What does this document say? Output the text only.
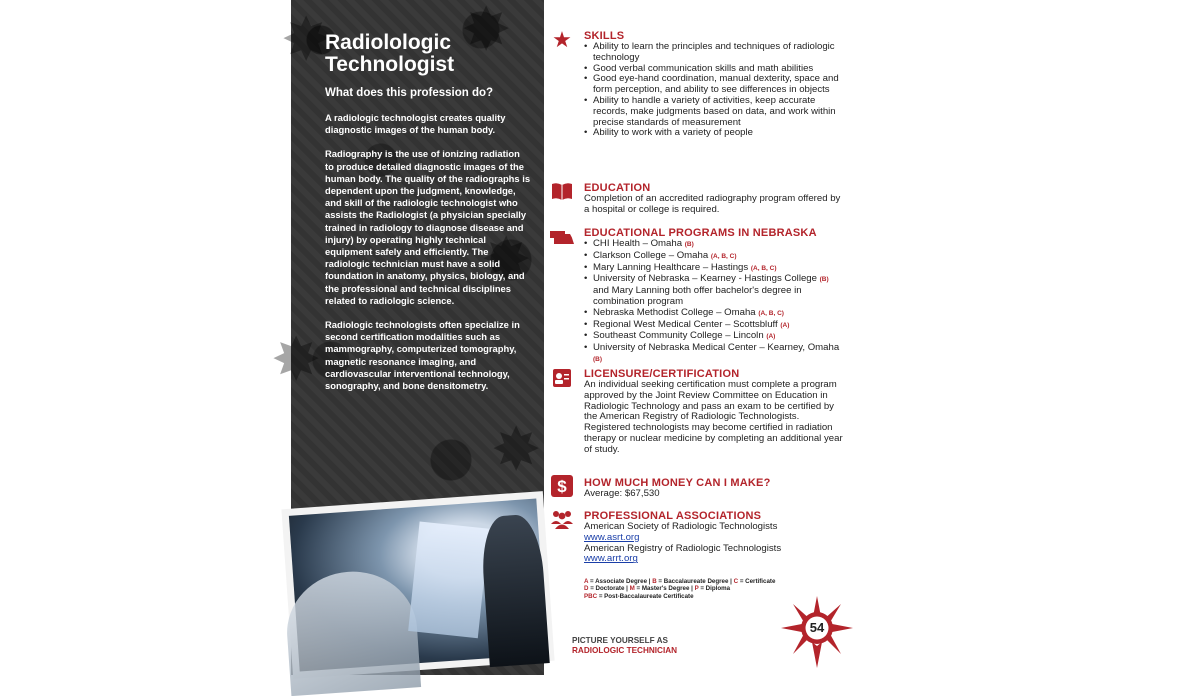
✸ ✸
✸
✸
✸
Radiolologic
Technologist
What does this profession do?

A radiologic technologist creates quality diagnostic images of the human body.

Radiography is the use of ionizing radiation to produce detailed diagnostic images of the human body. The quality of the radiographs is dependent upon the judgment, knowledge, and skill of the radiologic technologist who assists the Radiologist (a physician specially trained in radiology to diagnose disease and injury) by operating highly technical equipment safely and efficiently. The radiologic technician must have a solid foundation in anatomy, physics, biology, and the professional and technical disciplines related to radiologic science.

Radiologic technologists often specialize in second certification modalities such as mammography, computerized tomography, magnetic resonance imaging, and cardiovascular interventional technology, sonography, and bone densitometry.

★ SKILLS
• Ability to learn the principles and techniques of radiologic technology
• Good verbal communication skills and math abilities
• Good eye-hand coordination, manual dexterity, space and form perception, and ability to see differences in objects
• Ability to handle a variety of activities, keep accurate records, make judgments based on data, and work within precise standards of measurement
• Ability to work with a variety of people
EDUCATION
Completion of an accredited radiography program offered by a hospital or college is required.
EDUCATIONAL PROGRAMS IN NEBRASKA
• CHI Health – Omaha (B)
• Clarkson College – Omaha (A, B, C)
• Mary Lanning Healthcare – Hastings (A, B, C)
• University of Nebraska – Kearney - Hastings College (B) and Mary Lanning both offer bachelor's degree in combination program
• Nebraska Methodist College – Omaha (A, B, C)
• Regional West Medical Center – Scottsbluff (A)
• Southeast Community College – Lincoln (A)
• University of Nebraska Medical Center – Kearney, Omaha (B)
LICENSURE/CERTIFICATION
An individual seeking certification must complete a program approved by the Joint Review Committee on Education in Radiologic Technology and pass an exam to be certified by the American Registry of Radiologic Technologists. Registered technologists may become certified in radiation therapy or nuclear medicine by completing an additional year of study.
$ HOW MUCH MONEY CAN I MAKE?
Average: $67,530
PROFESSIONAL ASSOCIATIONS
American Society of Radiologic Technologists
www.asrt.org
American Registry of Radiologic Technologists
www.arrt.org
A = Associate Degree | B = Baccalaureate Degree | C = Certificate
D = Doctorate | M = Master's Degree | P = Diploma
PBC = Post-Baccalaureate Certificate
PICTURE YOURSELF AS
RADIOLOGIC TECHNICIAN
54
